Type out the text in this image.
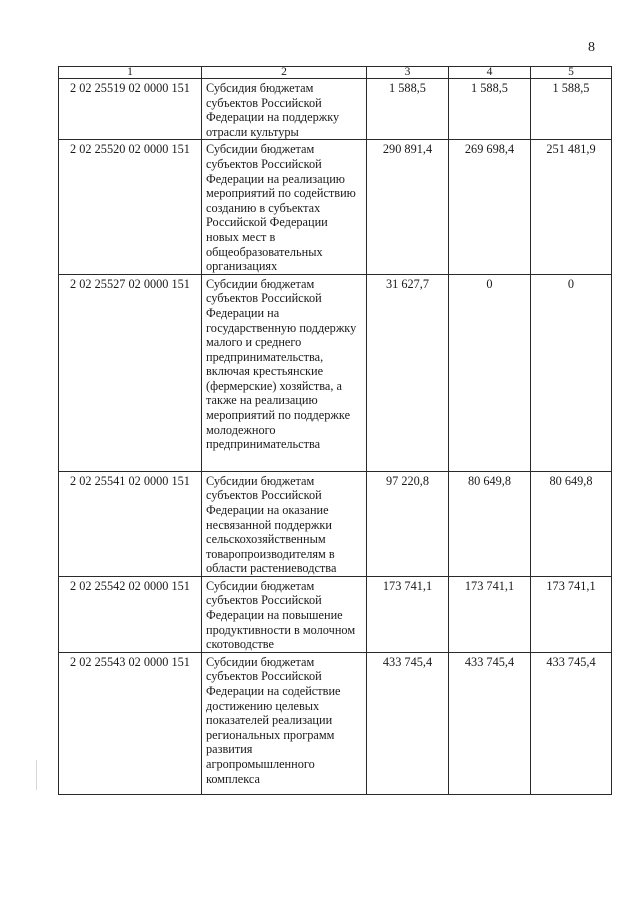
8
1	2	3	4	5
2 02 25519 02 0000 151	Субсидия бюджетам субъектов Российской Федерации на поддержку отрасли культуры	1 588,5	1 588,5	1 588,5
2 02 25520 02 0000 151	Субсидии бюджетам субъектов Российской Федерации на реализацию мероприятий по содействию созданию в субъектах Российской Федерации новых мест в общеобразовательных организациях	290 891,4	269 698,4	251 481,9
2 02 25527 02 0000 151	Субсидии бюджетам субъектов Российской Федерации на государственную поддержку малого и среднего предпринимательства, включая крестьянские (фермерские) хозяйства, а также на реализацию мероприятий по поддержке молодежного предпринимательства	31 627,7	0	0
2 02 25541 02 0000 151	Субсидии бюджетам субъектов Российской Федерации на оказание несвязанной поддержки сельскохозяйственным товаропроизводителям в области растениеводства	97 220,8	80 649,8	80 649,8
2 02 25542 02 0000 151	Субсидии бюджетам субъектов Российской Федерации на повышение продуктивности в молочном скотоводстве	173 741,1	173 741,1	173 741,1
2 02 25543 02 0000 151	Субсидии бюджетам субъектов Российской Федерации на содействие достижению целевых показателей реализации региональных программ развития агропромышленного комплекса	433 745,4	433 745,4	433 745,4
